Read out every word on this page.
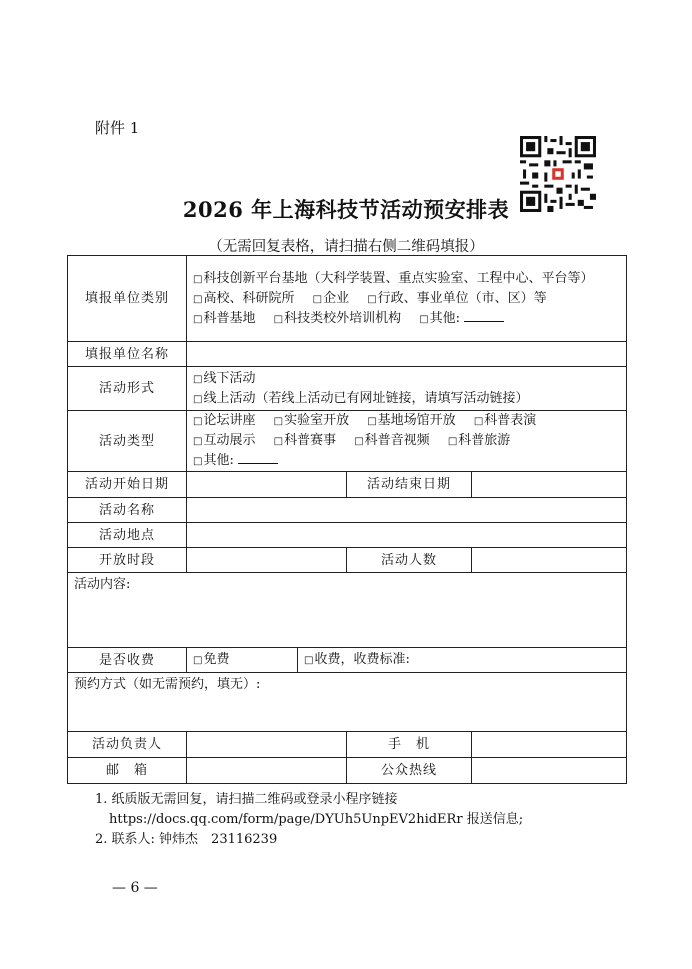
附件 1
2026 年上海科技节活动预安排表
（无需回复表格，请扫描右侧二维码填报）
填报单位类别	□科技创新平台基地（大科学装置、重点实验室、工程中心、平台等）
□高校、科研院所 □企业 □行政、事业单位（市、区）等
□科普基地 □科技类校外培训机构 □其他:			

填报单位名称				
活动形式	□线下活动
□线上活动（若线上活动已有网址链接，请填写活动链接）			

活动类型	□论坛讲座 □实验室开放 □基地场馆开放 □科普表演
□互动展示 □科普赛事 □科普音视频 □科普旅游
□其他:			

活动开始日期			活动结束日期	
活动名称				
活动地点				
开放时段			活动人数	
活动内容:				
是否收费	□免费	□收费，收费标准:		
预约方式（如无需预约，填无）:				
活动负责人			手　机	
邮　箱			公众热线	
1. 纸质版无需回复，请扫描二维码或登录小程序链接
https://docs.qq.com/form/page/DYUh5UnpEV2hidERr 报送信息;
2. 联系人: 钟炜杰　23116239
— 6 —
